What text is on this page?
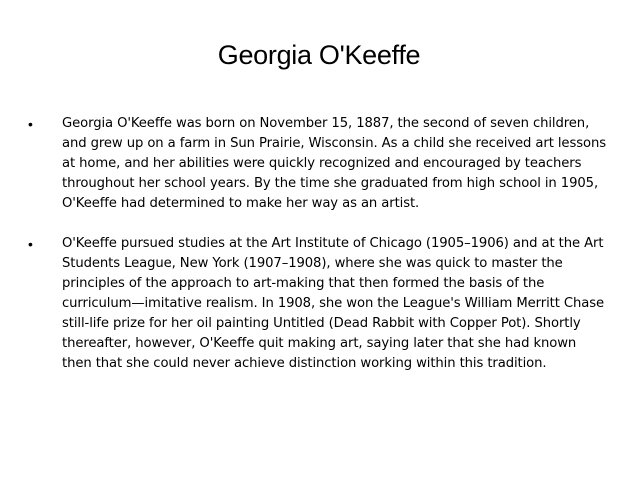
Georgia O'Keeffe
• Georgia O'Keeffe was born on November 15, 1887, the second of seven children, and grew up on a farm in Sun Prairie, Wisconsin. As a child she received art lessons at home, and her abilities were quickly recognized and encouraged by teachers throughout her school years. By the time she graduated from high school in 1905, O'Keeffe had determined to make her way as an artist.
• O'Keeffe pursued studies at the Art Institute of Chicago (1905–1906) and at the Art Students League, New York (1907–1908), where she was quick to master the principles of the approach to art-making that then formed the basis of the curriculum—imitative realism. In 1908, she won the League's William Merritt Chase still-life prize for her oil painting Untitled (Dead Rabbit with Copper Pot). Shortly thereafter, however, O'Keeffe quit making art, saying later that she had known then that she could never achieve distinction working within this tradition.
